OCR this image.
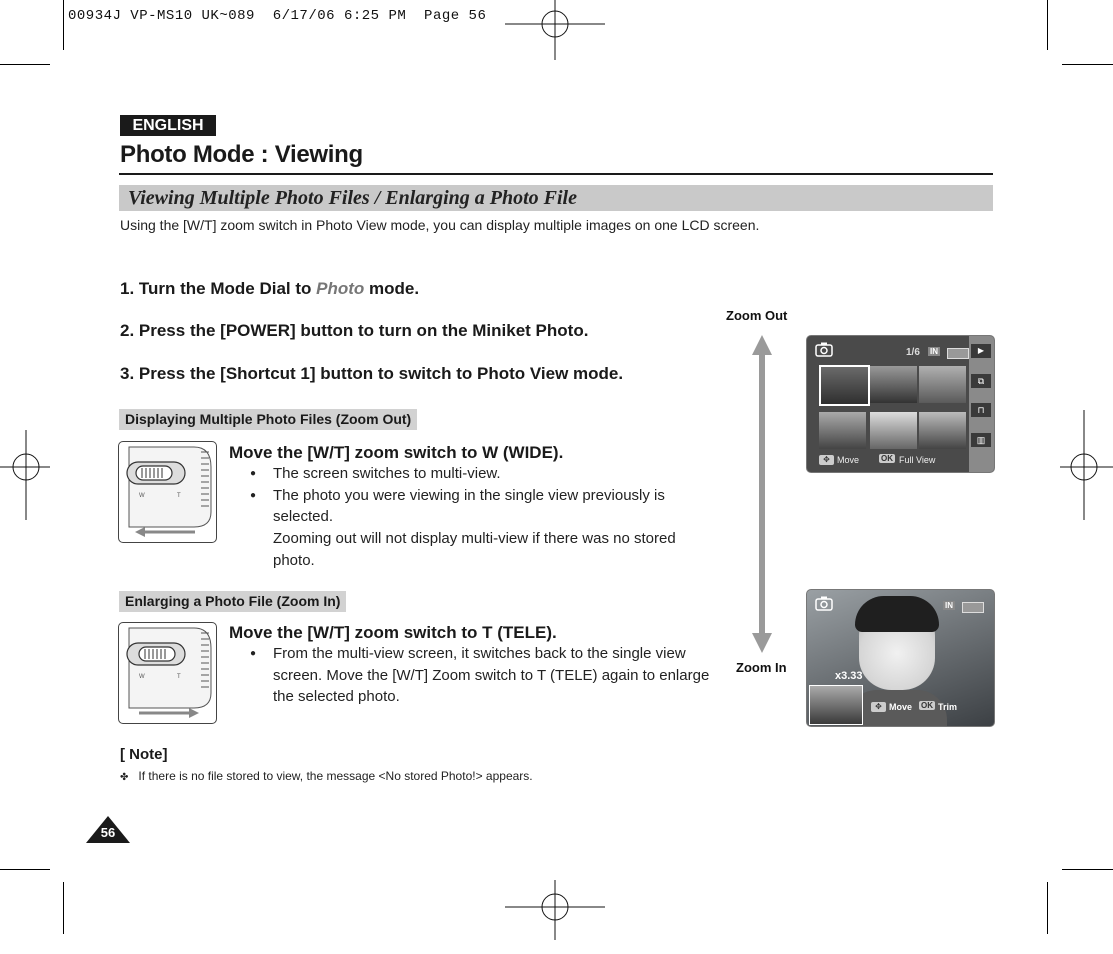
00934J VP-MS10 UK~089  6/17/06 6:25 PM  Page 56
ENGLISH
Photo Mode : Viewing
Viewing Multiple Photo Files / Enlarging a Photo File
Using the [W/T] zoom switch in Photo View mode, you can display multiple images on one LCD screen.
1. Turn the Mode Dial to Photo mode.
2. Press the [POWER] button to turn on the Miniket Photo.
3. Press the [Shortcut 1] button to switch to Photo View mode.
Displaying Multiple Photo Files (Zoom Out)
W	T
Move the [W/T] zoom switch to W (WIDE).
● The screen switches to multi-view.
● The photo you were viewing in the single view previously is selected.
Zooming out will not display multi-view if there was no stored photo.
Enlarging a Photo File (Zoom In)
W	T
Move the [W/T] zoom switch to T (TELE).
● From the multi-view screen, it switches back to the single view screen. Move the [W/T] Zoom switch to T (TELE) again to enlarge the selected photo.
[ Note]
✤ If there is no file stored to view, the message <No stored Photo!> appears.
56
Zoom Out
Zoom In
1/6 IN	▶
⧉
⊓
▥
✥ Move	OK Full View
IN
x3.33
✥ Move OK Trim
